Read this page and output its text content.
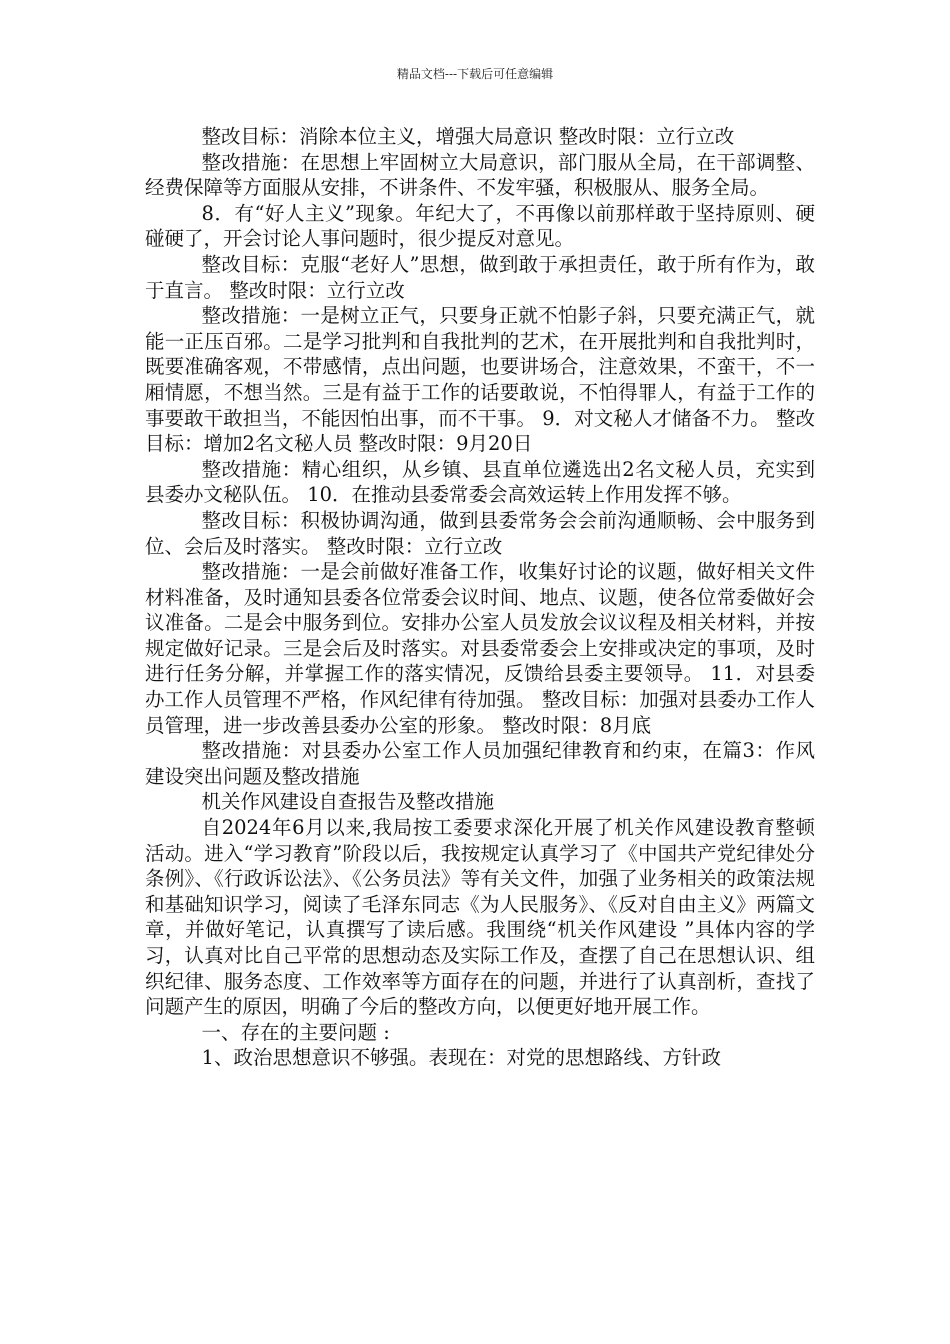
精品文档---下载后可任意编辑

整改目标：消除本位主义，增强大局意识 整改时限：立行立改

整改措施：在思想上牢固树立大局意识，部门服从全局，在干部调整、经费保障等方面服从安排，不讲条件、不发牢骚，积极服从、服务全局。

8．有“好人主义”现象。年纪大了，不再像以前那样敢于坚持原则、硬碰硬了，开会讨论人事问题时，很少提反对意见。

整改目标：克服“老好人”思想，做到敢于承担责任，敢于所有作为，敢于直言。 整改时限：立行立改

整改措施：一是树立正气，只要身正就不怕影子斜，只要充满正气，就能一正压百邪。二是学习批判和自我批判的艺术，在开展批判和自我批判时，既要准确客观，不带感情，点出问题，也要讲场合，注意效果，不蛮干，不一厢情愿，不想当然。三是有益于工作的话要敢说，不怕得罪人，有益于工作的事要敢干敢担当，不能因怕出事，而不干事。 9．对文秘人才储备不力。 整改目标：增加2名文秘人员 整改时限：9月20日

整改措施：精心组织，从乡镇、县直单位遴选出2名文秘人员，充实到县委办文秘队伍。 10．在推动县委常委会高效运转上作用发挥不够。

整改目标：积极协调沟通，做到县委常务会会前沟通顺畅、会中服务到位、会后及时落实。 整改时限：立行立改

整改措施：一是会前做好准备工作，收集好讨论的议题，做好相关文件材料准备，及时通知县委各位常委会议时间、地点、议题，使各位常委做好会议准备。二是会中服务到位。安排办公室人员发放会议议程及相关材料，并按规定做好记录。三是会后及时落实。对县委常委会上安排或决定的事项，及时进行任务分解，并掌握工作的落实情况，反馈给县委主要领导。 11．对县委办工作人员管理不严格，作风纪律有待加强。 整改目标：加强对县委办工作人员管理，进一步改善县委办公室的形象。 整改时限：8月底

整改措施：对县委办公室工作人员加强纪律教育和约束，在篇3：作风建设突出问题及整改措施

机关作风建设自查报告及整改措施

自2024年6月以来,我局按工委要求深化开展了机关作风建设教育整顿活动。进入“学习教育”阶段以后，我按规定认真学习了《中国共产党纪律处分条例》、《行政诉讼法》、《公务员法》等有关文件，加强了业务相关的政策法规和基础知识学习，阅读了毛泽东同志《为人民服务》、《反对自由主义》两篇文章，并做好笔记，认真撰写了读后感。我围绕“机关作风建设 ”具体内容的学习，认真对比自己平常的思想动态及实际工作及，查摆了自己在思想认识、组织纪律、服务态度、工作效率等方面存在的问题，并进行了认真剖析，查找了问题产生的原因，明确了今后的整改方向，以便更好地开展工作。

一、存在的主要问题 :

1、政治思想意识不够强。表现在：对党的思想路线、方针政
